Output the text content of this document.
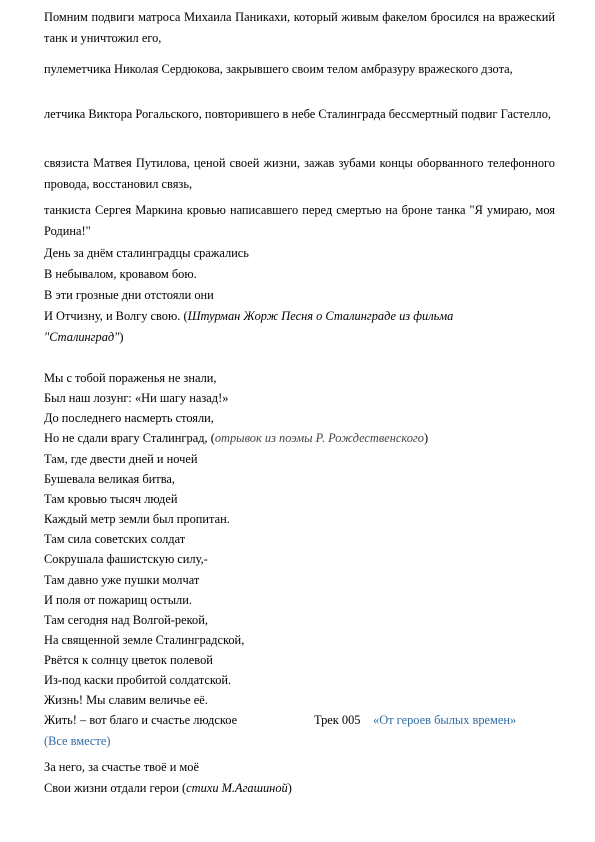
Помним подвиги матроса Михаила Паникахи, который живым факелом бросился на вражеский танк и уничтожил его,

пулеметчика Николая Сердюкова, закрывшего своим телом амбразуру вражеского дзота,

летчика Виктора Рогальского, повторившего в небе Сталинграда бессмертный подвиг Гастелло,

связиста Матвея Путилова, ценой своей жизни, зажав зубами концы оборванного телефонного провода, восстановил связь,

танкиста Сергея Маркина кровью написавшего перед смертью на броне танка "Я умираю, моя Родина!"

День за днём сталинградцы сражались
В небывалом, кровавом бою.
В эти грозные дни отстояли они
И Отчизну, и Волгу свою. (Штурман Жорж Песня о Сталинграде из фильма
"Сталинград")
Мы с тобой пораженья не знали,
Был наш лозунг: «Ни шагу назад!»
До последнего насмерть стояли,
Но не сдали врагу Сталинград, (отрывок из поэмы Р. Рождественского)
Там, где двести дней и ночей
Бушевала великая битва,
Там кровью тысяч людей
Каждый метр земли был пропитан.
Там сила советских солдат
Сокрушала фашистскую силу,-
Там давно уже пушки молчат
И поля от пожарищ остыли.
Там сегодня над Волгой-рекой,
На священной земле Сталинградской,
Рвётся к солнцу цветок полевой
Из-под каски пробитой солдатской.
Жизнь! Мы славим величье её.
Жить! – вот благо и счастье людское	Трек 005 «От героев былых времен»
(Все вместе)
За него, за счастье твоё и моё
Свои жизни отдали герои (стихи М.Агашиной)
